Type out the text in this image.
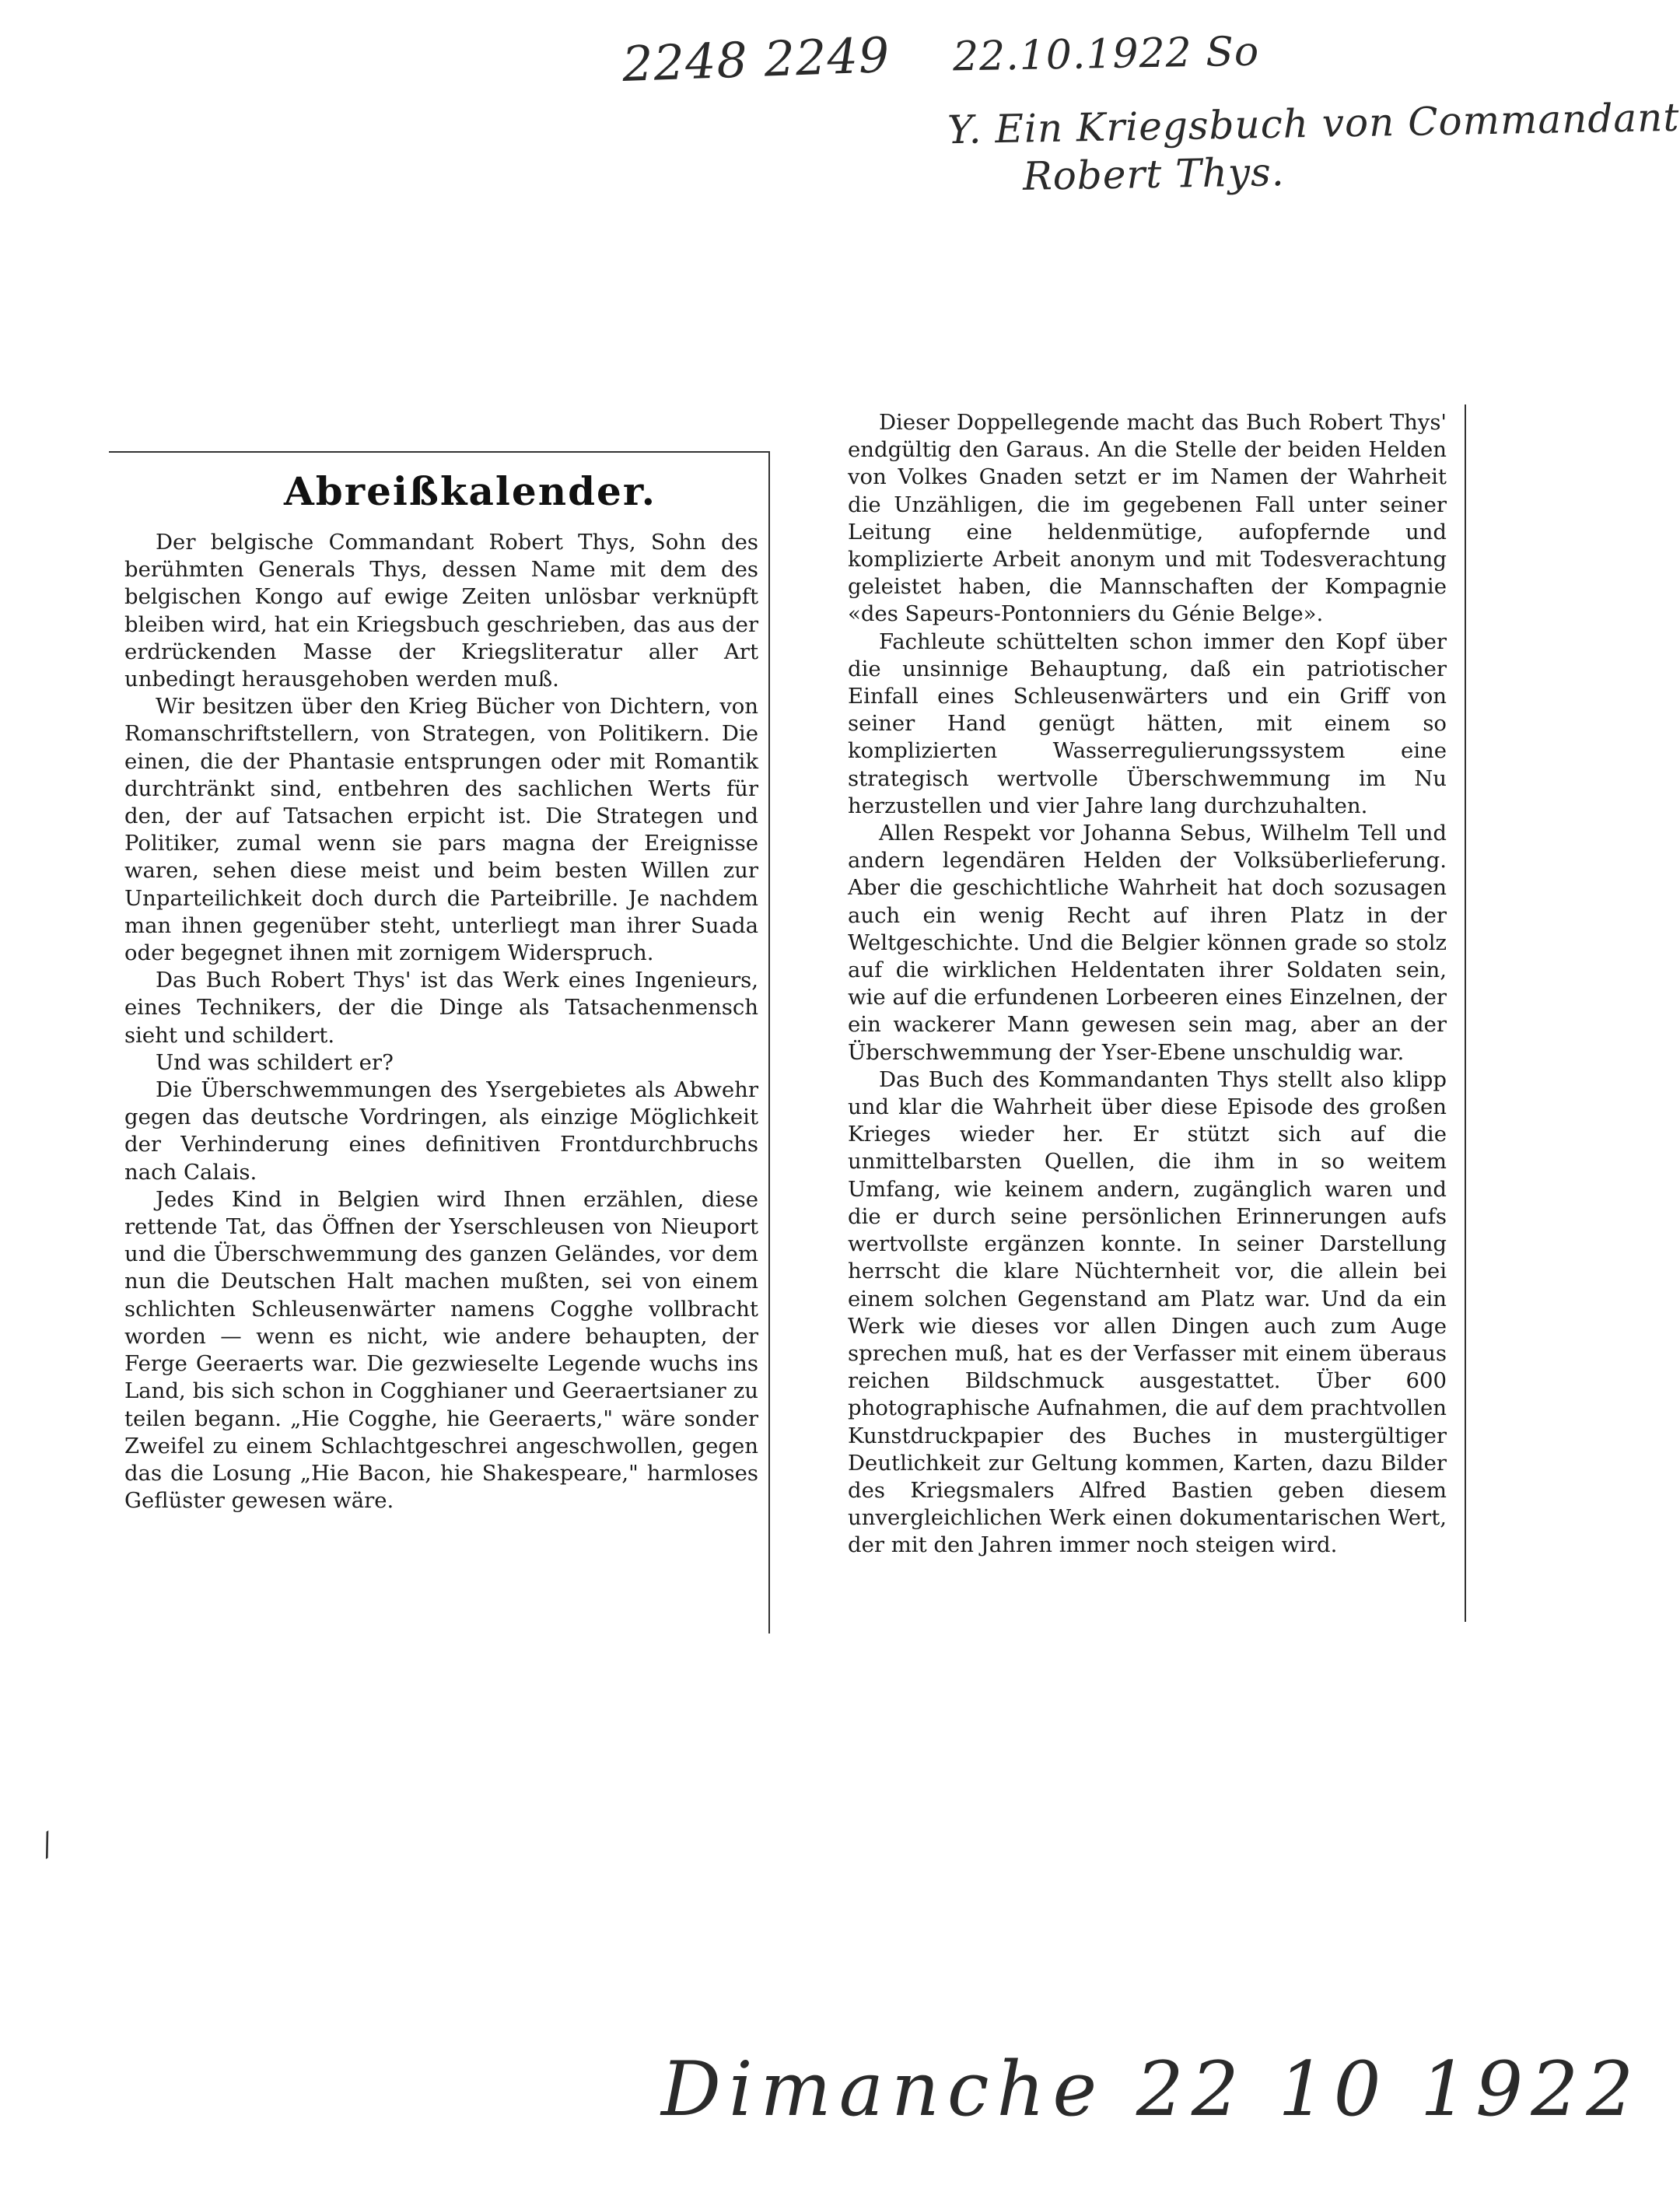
2248 2249 22.10.1922 So
Y. Ein Kriegsbuch von Commandant
Robert Thys.
Abreißkalender.

Der belgische Commandant Robert Thys, Sohn des berühmten Generals Thys, dessen Name mit dem des belgischen Kongo auf ewige Zeiten unlösbar verknüpft bleiben wird, hat ein Kriegsbuch geschrieben, das aus der erdrückenden Masse der Kriegsliteratur aller Art unbedingt herausgehoben werden muß.

Wir besitzen über den Krieg Bücher von Dichtern, von Romanschriftstellern, von Strategen, von Politikern. Die einen, die der Phantasie entsprungen oder mit Romantik durchtränkt sind, entbehren des sachlichen Werts für den, der auf Tatsachen erpicht ist. Die Strategen und Politiker, zumal wenn sie pars magna der Ereignisse waren, sehen diese meist und beim besten Willen zur Unparteilichkeit doch durch die Parteibrille. Je nachdem man ihnen gegenüber steht, unterliegt man ihrer Suada oder begegnet ihnen mit zornigem Widerspruch.

Das Buch Robert Thys' ist das Werk eines Ingenieurs, eines Technikers, der die Dinge als Tatsachenmensch sieht und schildert.

Und was schildert er?

Die Überschwemmungen des Ysergebietes als Abwehr gegen das deutsche Vordringen, als einzige Möglichkeit der Verhinderung eines definitiven Frontdurchbruchs nach Calais.

Jedes Kind in Belgien wird Ihnen erzählen, diese rettende Tat, das Öffnen der Yserschleusen von Nieuport und die Überschwemmung des ganzen Geländes, vor dem nun die Deutschen Halt machen mußten, sei von einem schlichten Schleusenwärter namens Cogghe vollbracht worden — wenn es nicht, wie andere behaupten, der Ferge Geeraerts war. Die gezwieselte Legende wuchs ins Land, bis sich schon in Cogghianer und Geeraertsianer zu teilen begann. „Hie Cogghe, hie Geeraerts," wäre sonder Zweifel zu einem Schlachtgeschrei angeschwollen, gegen das die Losung „Hie Bacon, hie Shakespeare," harmloses Geflüster gewesen wäre.

Dieser Doppellegende macht das Buch Robert Thys' endgültig den Garaus. An die Stelle der beiden Helden von Volkes Gnaden setzt er im Namen der Wahrheit die Unzähligen, die im gegebenen Fall unter seiner Leitung eine heldenmütige, aufopfernde und komplizierte Arbeit anonym und mit Todesverachtung geleistet haben, die Mannschaften der Kompagnie «des Sapeurs-Pontonniers du Génie Belge».

Fachleute schüttelten schon immer den Kopf über die unsinnige Behauptung, daß ein patriotischer Einfall eines Schleusenwärters und ein Griff von seiner Hand genügt hätten, mit einem so komplizierten Wasserregulierungssystem eine strategisch wertvolle Überschwemmung im Nu herzustellen und vier Jahre lang durchzuhalten.

Allen Respekt vor Johanna Sebus, Wilhelm Tell und andern legendären Helden der Volksüberlieferung. Aber die geschichtliche Wahrheit hat doch sozusagen auch ein wenig Recht auf ihren Platz in der Weltgeschichte. Und die Belgier können grade so stolz auf die wirklichen Heldentaten ihrer Soldaten sein, wie auf die erfundenen Lorbeeren eines Einzelnen, der ein wackerer Mann gewesen sein mag, aber an der Überschwemmung der Yser-Ebene unschuldig war.

Das Buch des Kommandanten Thys stellt also klipp und klar die Wahrheit über diese Episode des großen Krieges wieder her. Er stützt sich auf die unmittelbarsten Quellen, die ihm in so weitem Umfang, wie keinem andern, zugänglich waren und die er durch seine persönlichen Erinnerungen aufs wertvollste ergänzen konnte. In seiner Darstellung herrscht die klare Nüchternheit vor, die allein bei einem solchen Gegenstand am Platz war. Und da ein Werk wie dieses vor allen Dingen auch zum Auge sprechen muß, hat es der Verfasser mit einem überaus reichen Bildschmuck ausgestattet. Über 600 photographische Aufnahmen, die auf dem prachtvollen Kunstdruckpapier des Buches in mustergültiger Deutlichkeit zur Geltung kommen, Karten, dazu Bilder des Kriegsmalers Alfred Bastien geben diesem unvergleichlichen Werk einen dokumentarischen Wert, der mit den Jahren immer noch steigen wird.

⁄
Dimanche 22 10 1922
